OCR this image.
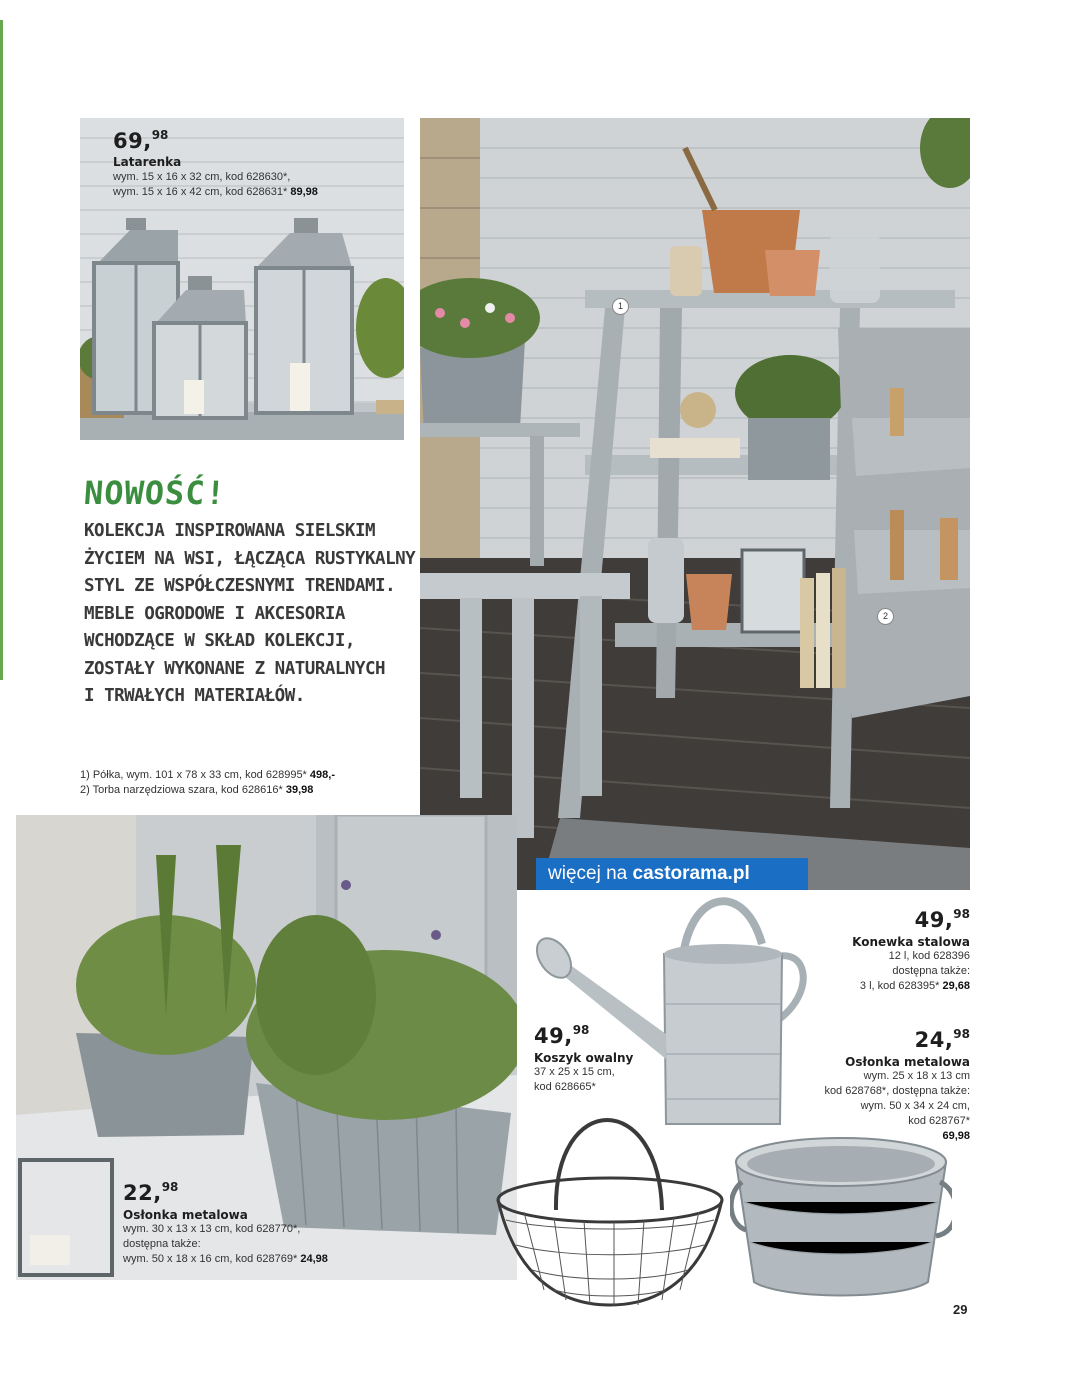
69,98
Latarenka
wym. 15 x 16 x 32 cm, kod 628630*,
wym. 15 x 16 x 42 cm, kod 628631* 89,98
1
2
NOWOŚĆ!
KOLEKCJA INSPIROWANA SIELSKIM
ŻYCIEM NA WSI, ŁĄCZĄCA RUSTYKALNY
STYL ZE WSPÓŁCZESNYMI TRENDAMI.
MEBLE OGRODOWE I AKCESORIA
WCHODZĄCE W SKŁAD KOLEKCJI,
ZOSTAŁY WYKONANE Z NATURALNYCH
I TRWAŁYCH MATERIAŁÓW.
1) Półka, wym. 101 x 78 x 33 cm, kod 628995* 498,-
2) Torba narzędziowa szara, kod 628616* 39,98
więcej na castorama.pl
22,98
Osłonka metalowa
wym. 30 x 13 x 13 cm, kod 628770*,
dostępna także:
wym. 50 x 18 x 16 cm, kod 628769* 24,98
49,98
Konewka stalowa
12 l, kod 628396
dostępna także:
3 l, kod 628395* 29,68
49,98
Koszyk owalny
37 x 25 x 15 cm,
kod 628665*
24,98
Osłonka metalowa
wym. 25 x 18 x 13 cm
kod 628768*, dostępna także:
wym. 50 x 34 x 24 cm,
kod 628767*
69,98
29
